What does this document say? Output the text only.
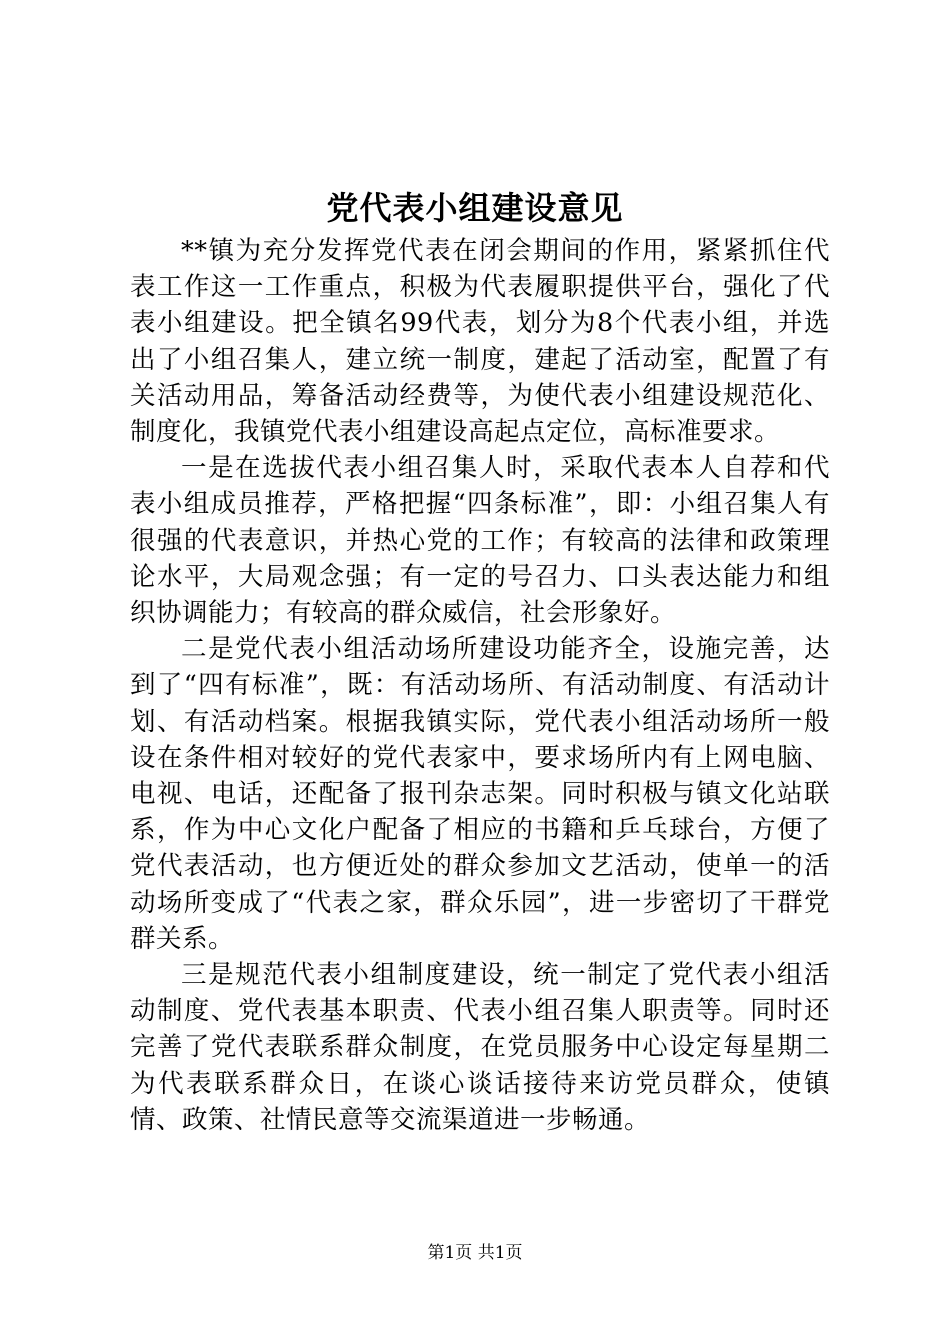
党代表小组建设意见

**镇为充分发挥党代表在闭会期间的作用，紧紧抓住代表工作这一工作重点，积极为代表履职提供平台，强化了代表小组建设。把全镇名99代表，划分为8个代表小组，并选出了小组召集人，建立统一制度，建起了活动室，配置了有关活动用品，筹备活动经费等，为使代表小组建设规范化、制度化，我镇党代表小组建设高起点定位，高标准要求。

一是在选拔代表小组召集人时，采取代表本人自荐和代表小组成员推荐，严格把握“四条标准”，即：小组召集人有很强的代表意识，并热心党的工作；有较高的法律和政策理论水平，大局观念强；有一定的号召力、口头表达能力和组织协调能力；有较高的群众威信，社会形象好。

二是党代表小组活动场所建设功能齐全，设施完善，达到了“四有标准”，既：有活动场所、有活动制度、有活动计划、有活动档案。根据我镇实际，党代表小组活动场所一般设在条件相对较好的党代表家中，要求场所内有上网电脑、电视、电话，还配备了报刊杂志架。同时积极与镇文化站联系，作为中心文化户配备了相应的书籍和乒乓球台，方便了党代表活动，也方便近处的群众参加文艺活动，使单一的活动场所变成了“代表之家，群众乐园”，进一步密切了干群党群关系。

三是规范代表小组制度建设，统一制定了党代表小组活动制度、党代表基本职责、代表小组召集人职责等。同时还完善了党代表联系群众制度，在党员服务中心设定每星期二为代表联系群众日，在谈心谈话接待来访党员群众，使镇情、政策、社情民意等交流渠道进一步畅通。

第1页 共1页
